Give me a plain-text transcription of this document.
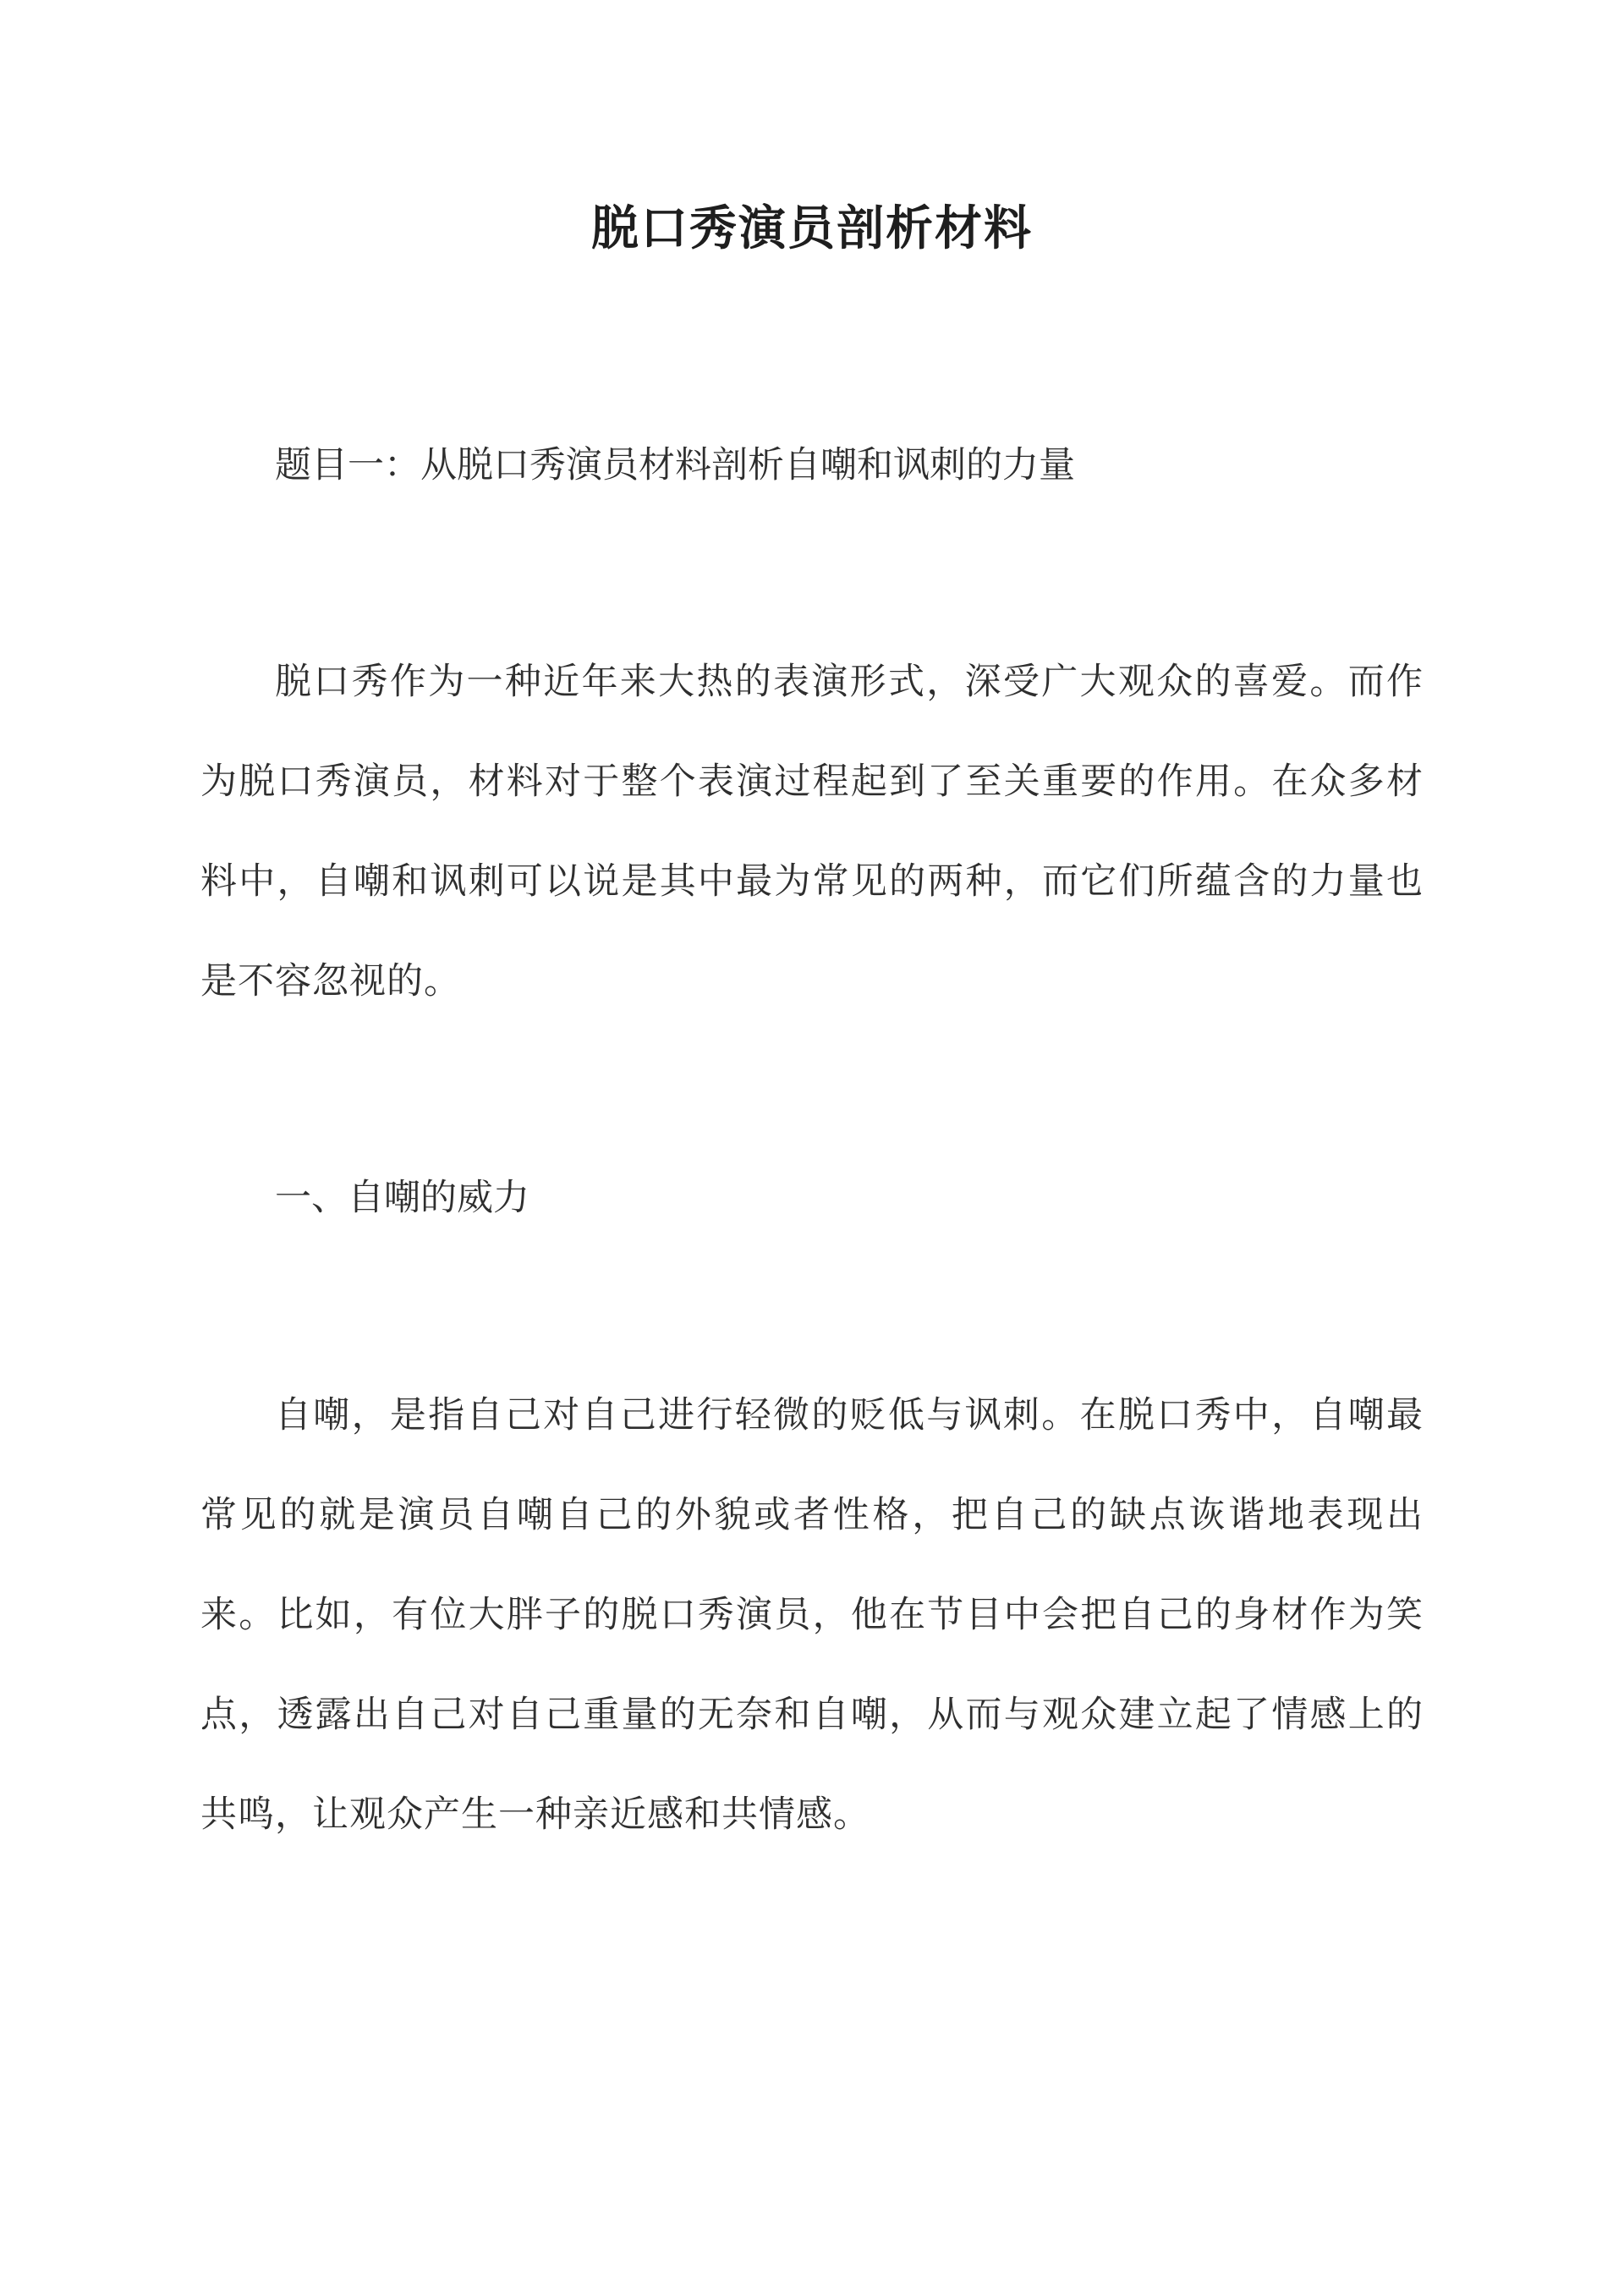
脱口秀演员剖析材料

题目一：从脱口秀演员材料剖析自嘲和讽刺的力量

脱口秀作为一种近年来大热的表演形式，深受广大观众的喜爱。而作为脱口秀演员，材料对于整个表演过程起到了至关重要的作用。在众多材料中，自嘲和讽刺可以说是其中最为常见的两种，而它们所蕴含的力量也是不容忽视的。

一、自嘲的威力

自嘲，是指自己对自己进行轻微的贬低与讽刺。在脱口秀中，自嘲最常见的就是演员自嘲自己的外貌或者性格，把自己的缺点诙谐地表现出来。比如，有位大胖子的脱口秀演员，他在节目中会把自己的身材作为笑点，透露出自己对自己重量的无奈和自嘲，从而与观众建立起了情感上的共鸣，让观众产生一种亲近感和共情感。
